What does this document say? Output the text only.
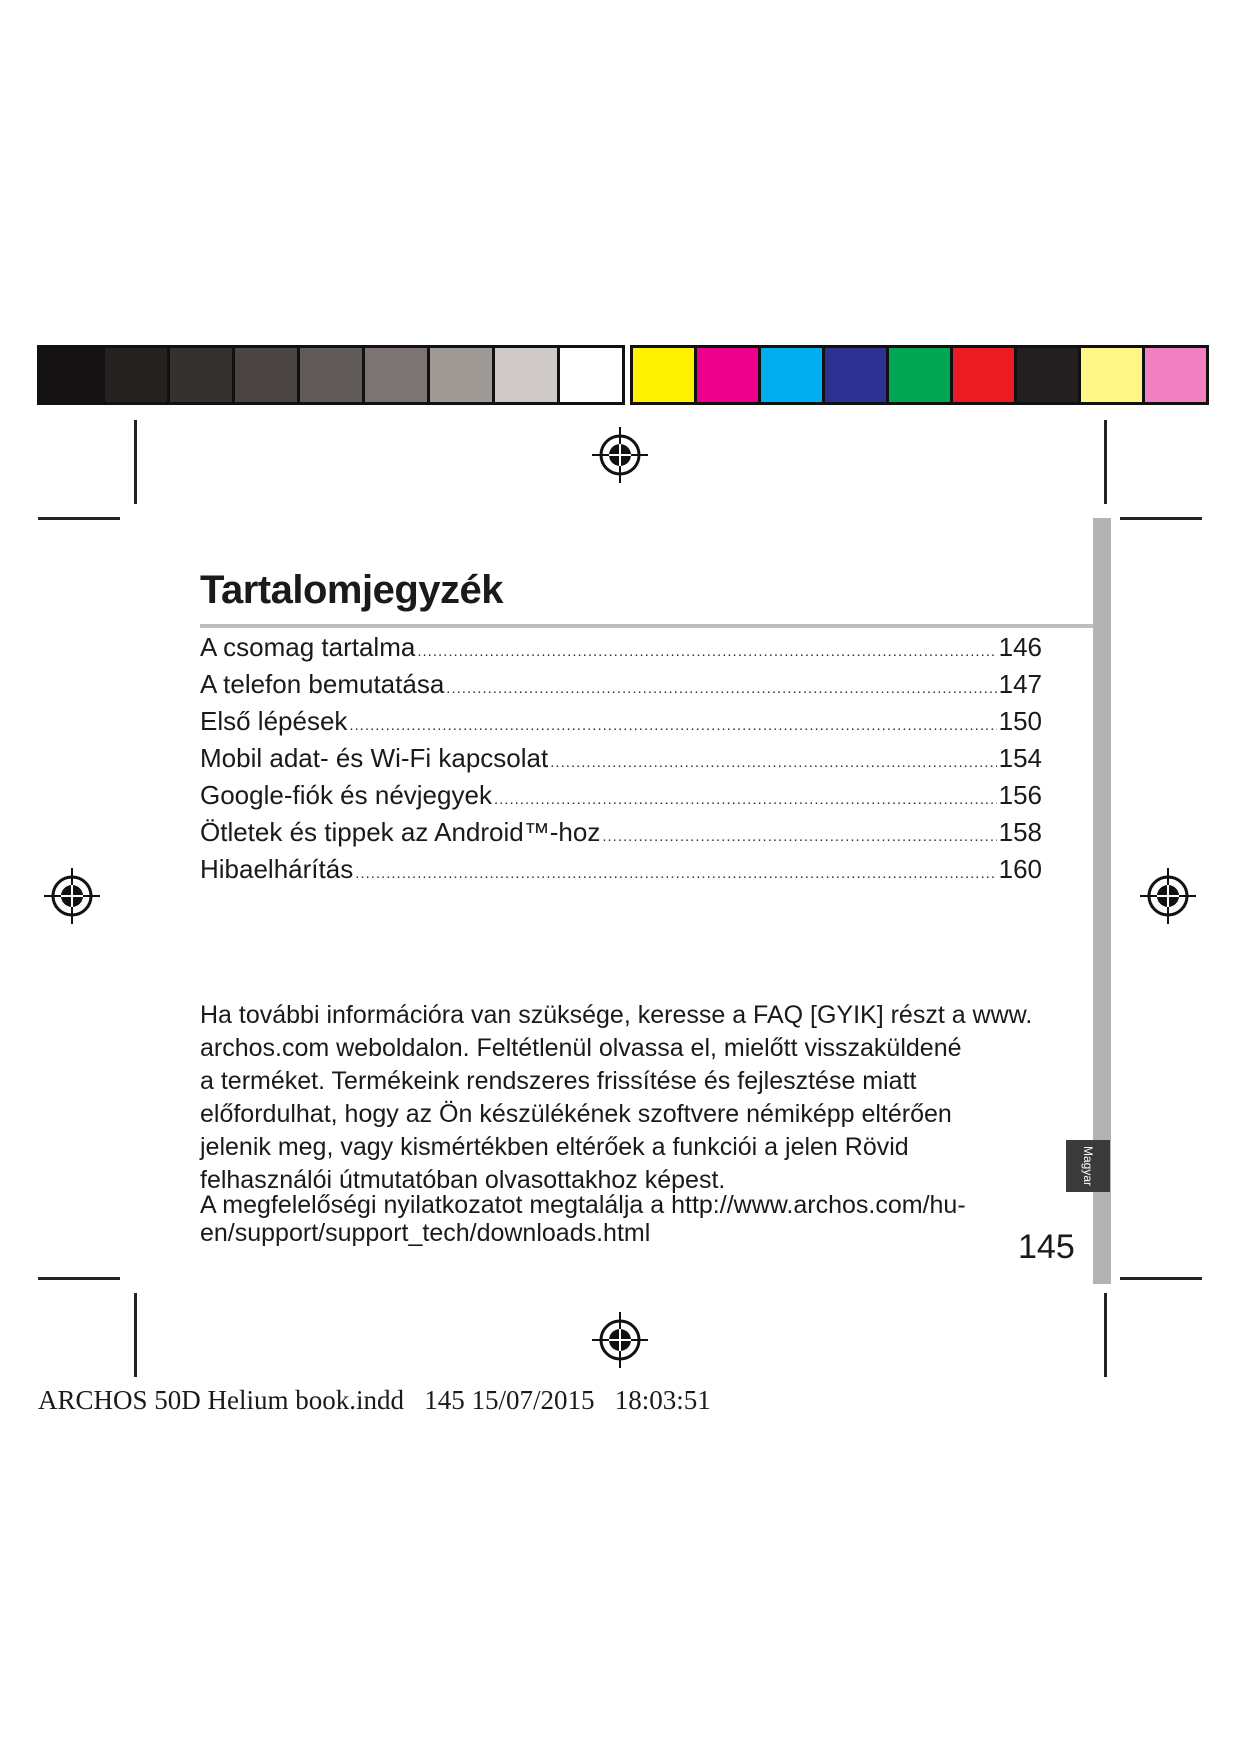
Tartalomjegyzék
A csomag tartalma .....	146
A telefon bemutatása .....	147
Első lépések .....	150
Mobil adat- és Wi-Fi kapcsolat .....	154
Google-fiók és névjegyek .....	156
Ötletek és tippek az Android™-hoz .....	158
Hibaelhárítás .....	160
Ha további információra van szüksége, keresse a FAQ [GYIK] részt a www.
archos.com weboldalon. Feltétlenül olvassa el, mielőtt visszaküldené
a terméket. Termékeink rendszeres frissítése és fejlesztése miatt
előfordulhat, hogy az Ön készülékének szoftvere némiképp eltérően
jelenik meg, vagy kismértékben eltérőek a funkciói a jelen Rövid
felhasználói útmutatóban olvasottakhoz képest.
A megfelelőségi nyilatkozatot megtalálja a http://www.archos.com/hu-
en/support/support_tech/downloads.html
Magyar
145
ARCHOS 50D Helium book.indd   145 15/07/2015   18:03:51
